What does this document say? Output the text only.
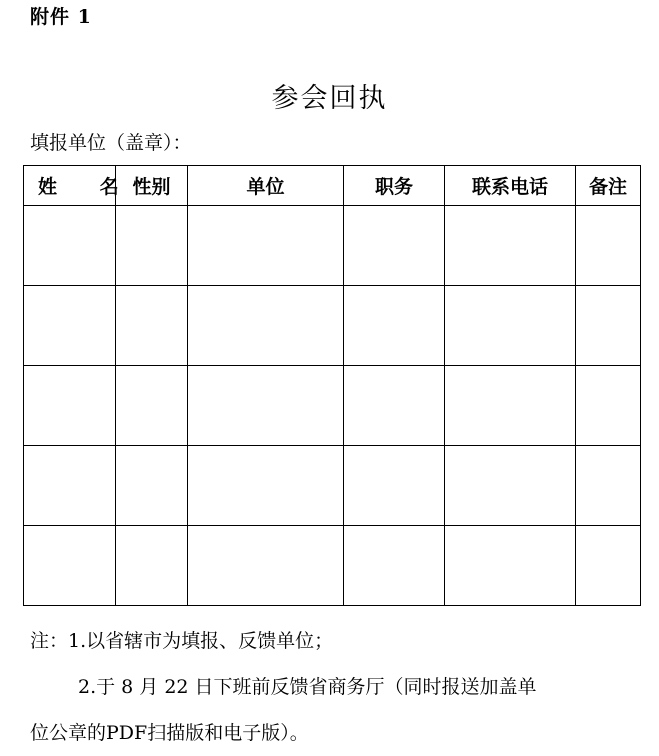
附件 1
参会回执
填报单位（盖章）：
姓 名	性别	单位	职务	联系电话	备注

注：1.以省辖市为填报、反馈单位；
2.于 8 月 22 日下班前反馈省商务厅（同时报送加盖单
位公章的PDF扫描版和电子版）。
